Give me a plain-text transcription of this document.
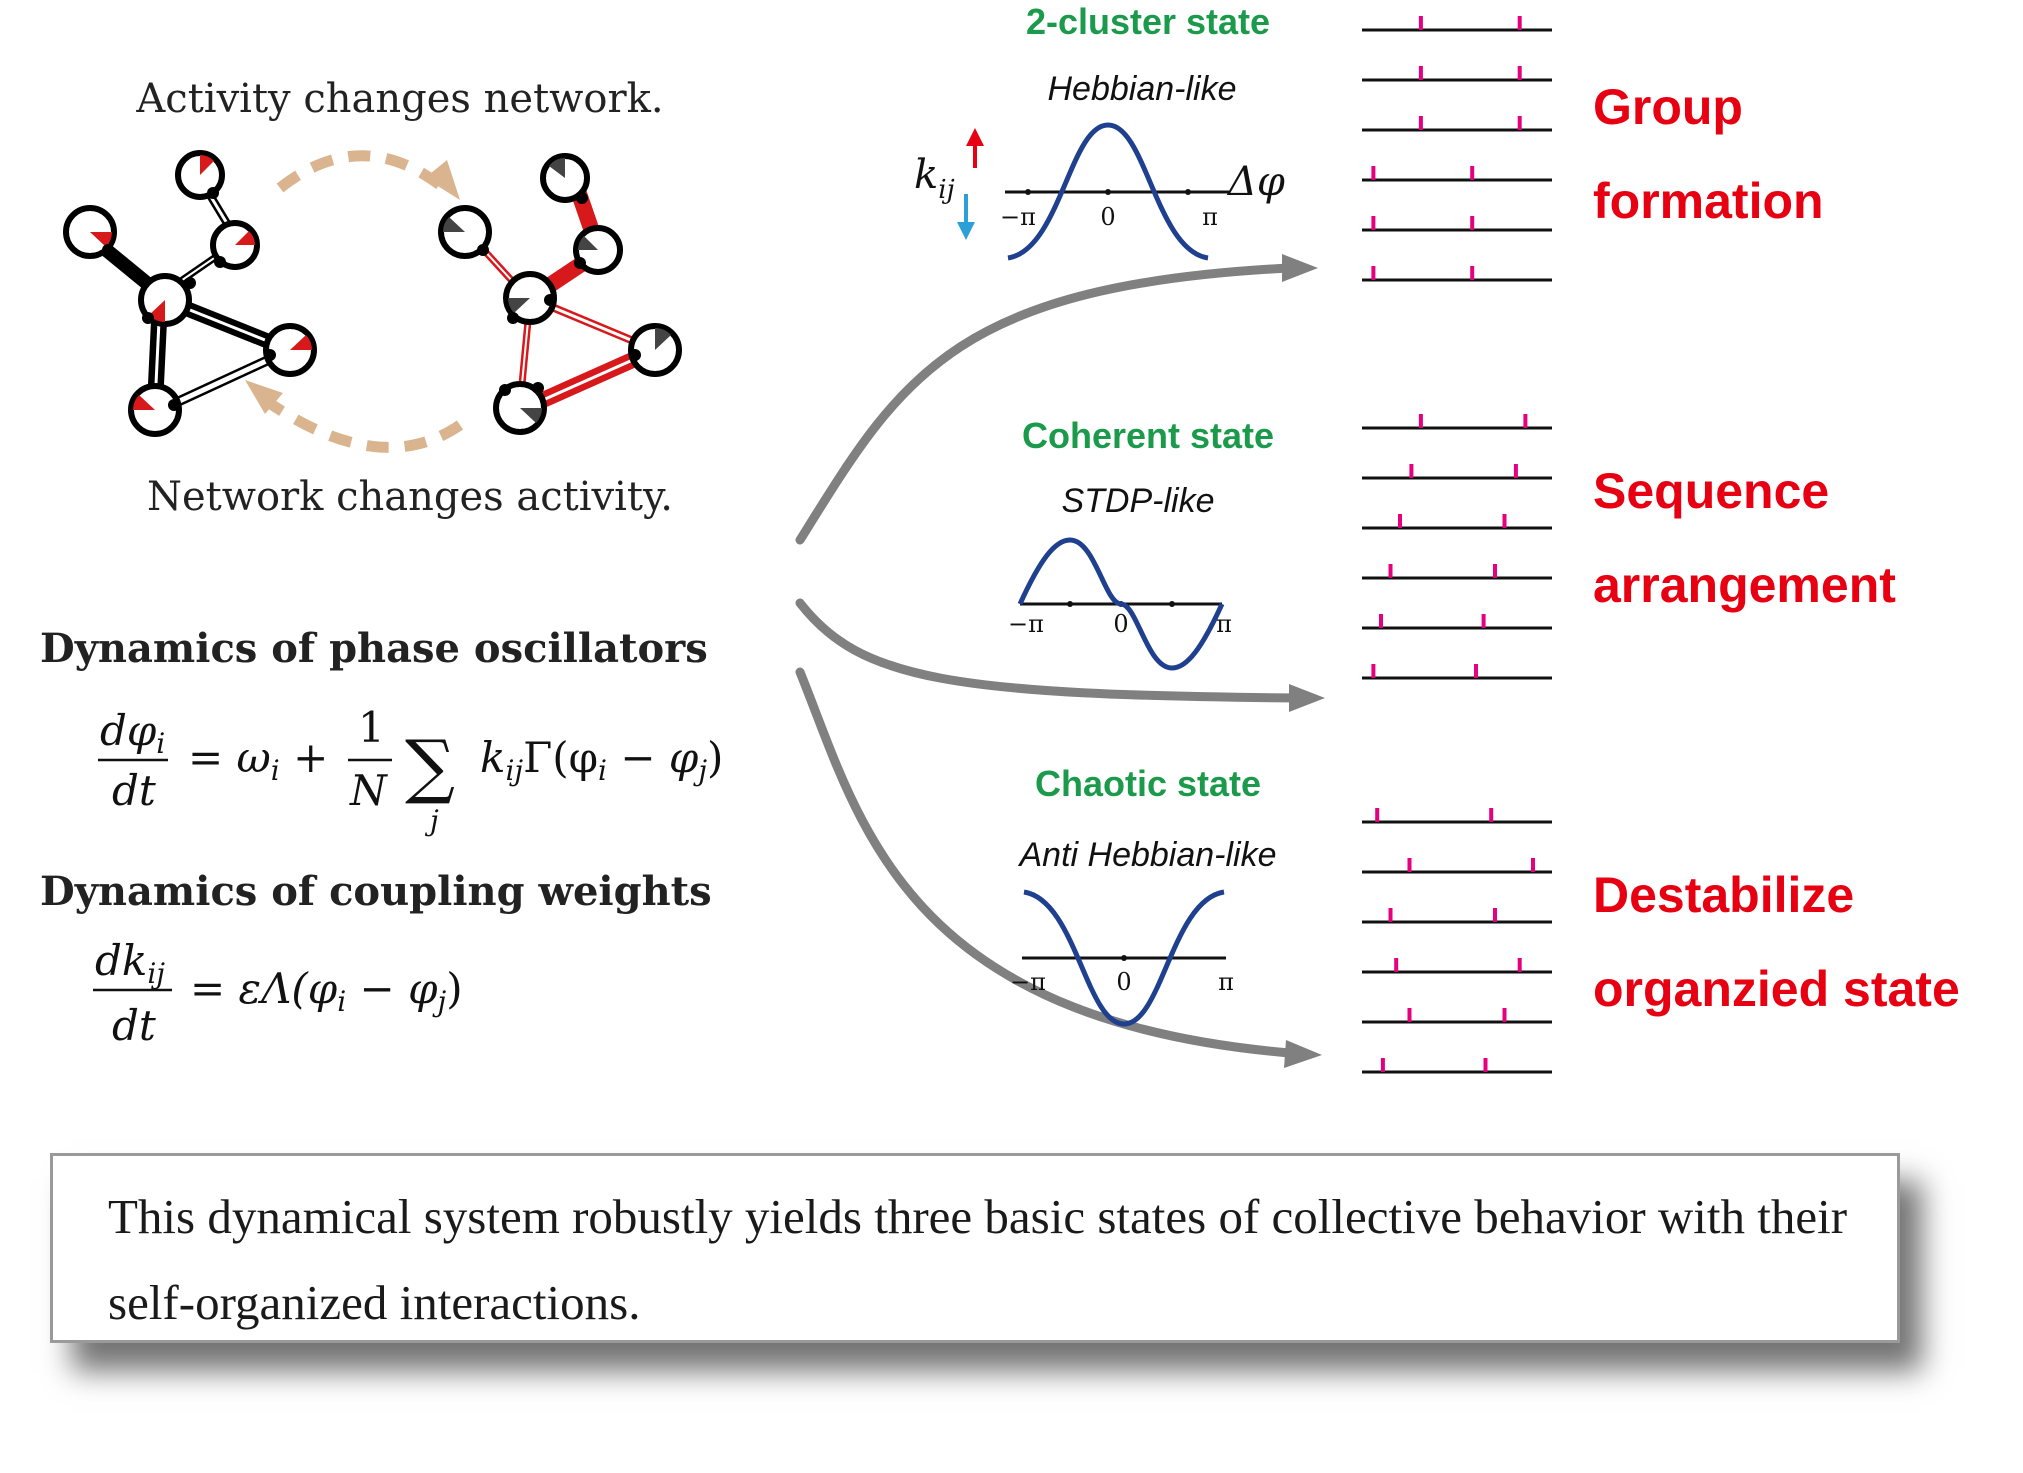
Activity changes network.
Network changes activity.
Dynamics of phase oscillators
dφi
dt
= ωi +
1
N ∑
j
kijΓ(φi − φj)
Dynamics of coupling weights
dkij
dt
= εΛ(φi − φj)
2-cluster state
Hebbian-like
−π	0	π
$k_{ij}$	Δφ
Coherent state
STDP-like
−π	0	π
Chaotic state
Anti Hebbian-like
−π	0	π
Group
formation
Sequence
arrangement
Destabilize
organzied state
This dynamical system robustly yields three basic states of collective behavior with their self-organized interactions.
